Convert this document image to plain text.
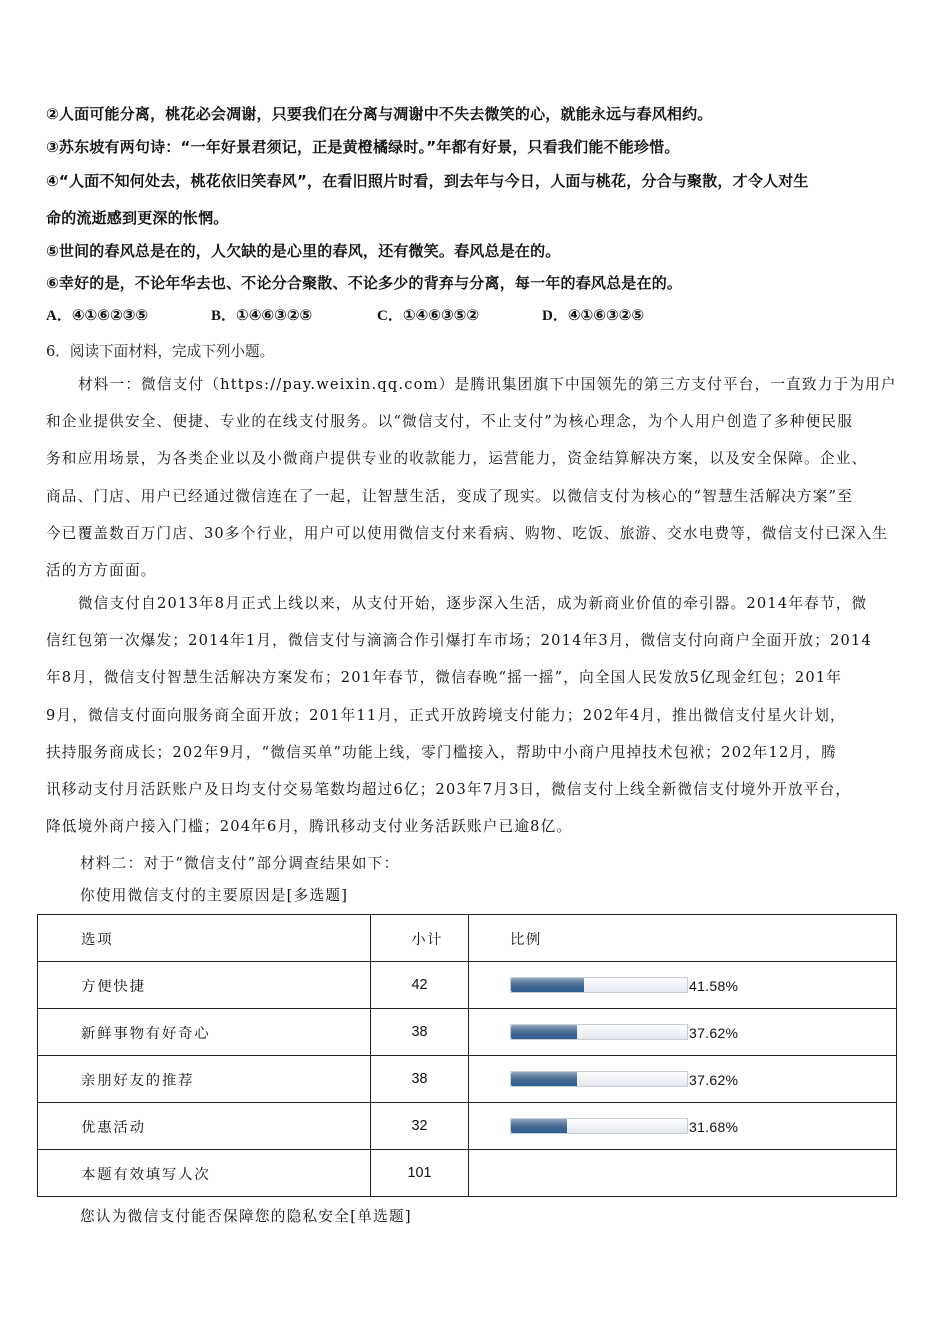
②人面可能分离，桃花必会凋谢，只要我们在分离与凋谢中不失去微笑的心，就能永远与春风相约。
③苏东坡有两句诗：“一年好景君须记，正是黄橙橘绿时。”年都有好景，只看我们能不能珍惜。
④“人面不知何处去，桃花依旧笑春风”，在看旧照片时看，到去年与今日，人面与桃花，分合与聚散，才令人对生
命的流逝感到更深的怅惘。
⑤世间的春风总是在的，人欠缺的是心里的春风，还有微笑。春风总是在的。
⑥幸好的是，不论年华去也、不论分合聚散、不论多少的背弃与分离，每一年的春风总是在的。
A．④①⑥②③⑤	B．①④⑥③②⑤	C．①④⑥③⑤②	D．④①⑥③②⑤
6．阅读下面材料，完成下列小题。
材料一：微信支付（https://pay.weixin.qq.com）是腾讯集团旗下中国领先的第三方支付平台，一直致力于为用户
和企业提供安全、便捷、专业的在线支付服务。以“微信支付，不止支付”为核心理念，为个人用户创造了多种便民服
务和应用场景，为各类企业以及小微商户提供专业的收款能力，运营能力，资金结算解决方案，以及安全保障。企业、
商品、门店、用户已经通过微信连在了一起，让智慧生活，变成了现实。以微信支付为核心的“智慧生活解决方案”至
今已覆盖数百万门店、30多个行业，用户可以使用微信支付来看病、购物、吃饭、旅游、交水电费等，微信支付已深入生
活的方方面面。
微信支付自2013年8月正式上线以来，从支付开始，逐步深入生活，成为新商业价值的牵引器。2014年春节，微
信红包第一次爆发；2014年1月，微信支付与滴滴合作引爆打车市场；2014年3月，微信支付向商户全面开放；2014
年8月，微信支付智慧生活解决方案发布；201年春节，微信春晚“摇一摇”，向全国人民发放5亿现金红包；201年
9月，微信支付面向服务商全面开放；201年11月，正式开放跨境支付能力；202年4月，推出微信支付星火计划，
扶持服务商成长；202年9月，“微信买单”功能上线，零门槛接入，帮助中小商户甩掉技术包袱；202年12月，腾
讯移动支付月活跃账户及日均支付交易笔数均超过6亿；203年7月3日，微信支付上线全新微信支付境外开放平台，
降低境外商户接入门槛；204年6月，腾讯移动支付业务活跃账户已逾8亿。
材料二：对于“微信支付”部分调查结果如下：
你使用微信支付的主要原因是[多选题]
选项	小计	比例
方便快捷	42	41.58%

新鲜事物有好奇心	38	37.62%

亲朋好友的推荐	38	37.62%

优惠活动	32	31.68%

本题有效填写人次	101	
您认为微信支付能否保障您的隐私安全[单选题]
